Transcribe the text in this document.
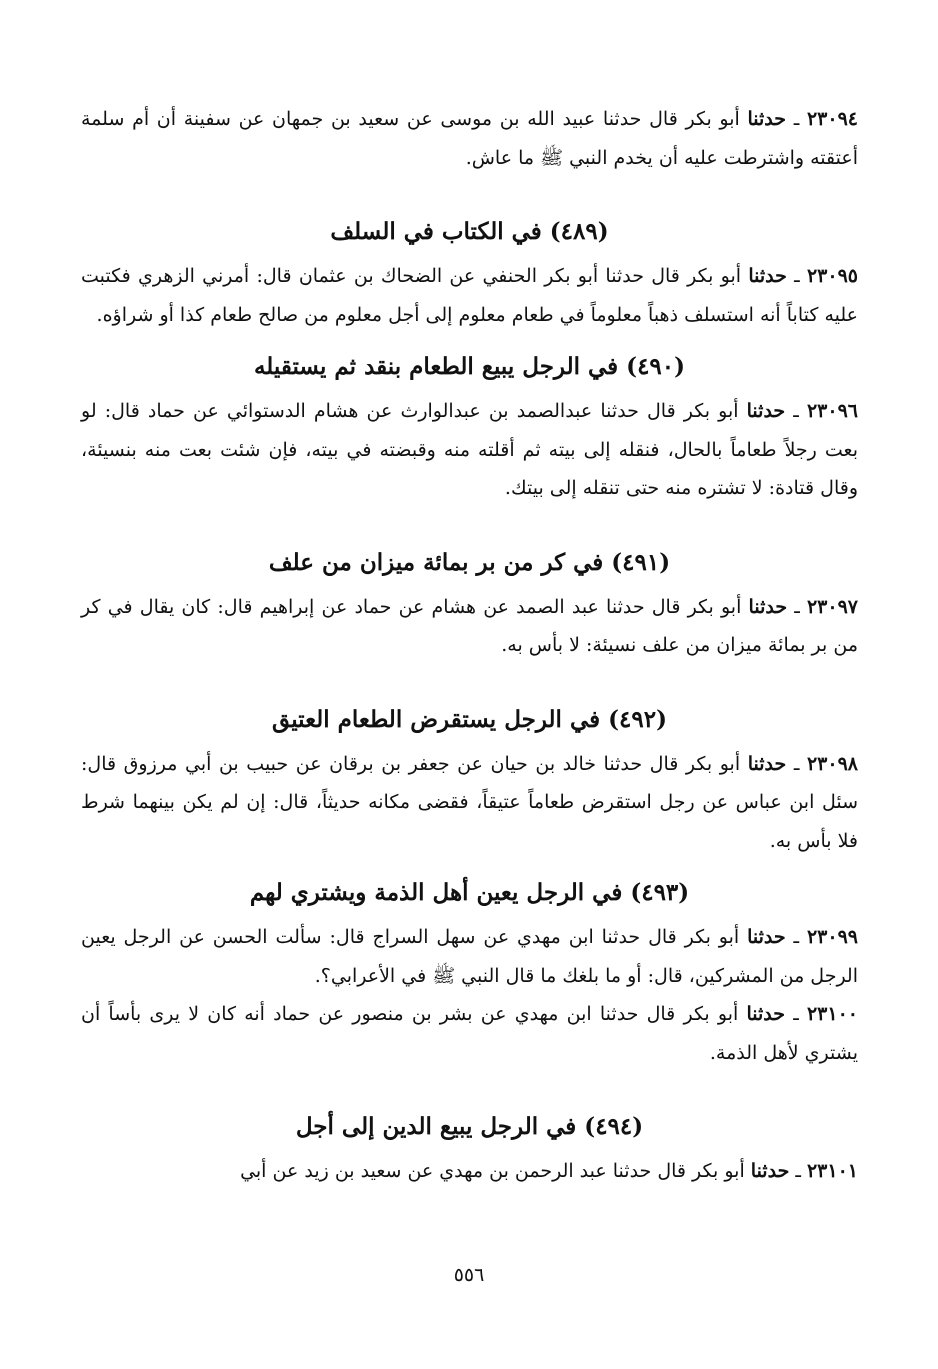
٢٣٠٩٤ ـ حدثنا أبو بكر قال حدثنا عبيد الله بن موسى عن سعيد بن جمهان عن سفينة أن أم سلمة أعتقته واشترطت عليه أن يخدم النبي ﷺ ما عاش.

(٤٨٩) في الكتاب في السلف

٢٣٠٩٥ ـ حدثنا أبو بكر قال حدثنا أبو بكر الحنفي عن الضحاك بن عثمان قال: أمرني الزهري فكتبت عليه كتاباً أنه استسلف ذهباً معلوماً في طعام معلوم إلى أجل معلوم من صالح طعام كذا أو شراؤه.

(٤٩٠) في الرجل يبيع الطعام بنقد ثم يستقيله

٢٣٠٩٦ ـ حدثنا أبو بكر قال حدثنا عبدالصمد بن عبدالوارث عن هشام الدستوائي عن حماد قال: لو بعت رجلاً طعاماً بالحال، فنقله إلى بيته ثم أقلته منه وقبضته في بيته، فإن شئت بعت منه بنسيئة، وقال قتادة: لا تشتره منه حتى تنقله إلى بيتك.

(٤٩١) في كر من بر بمائة ميزان من علف

٢٣٠٩٧ ـ حدثنا أبو بكر قال حدثنا عبد الصمد عن هشام عن حماد عن إبراهيم قال: كان يقال في كر من بر بمائة ميزان من علف نسيئة: لا بأس به.

(٤٩٢) في الرجل يستقرض الطعام العتيق

٢٣٠٩٨ ـ حدثنا أبو بكر قال حدثنا خالد بن حيان عن جعفر بن برقان عن حبيب بن أبي مرزوق قال: سئل ابن عباس عن رجل استقرض طعاماً عتيقاً، فقضى مكانه حديثاً، قال: إن لم يكن بينهما شرط فلا بأس به.

(٤٩٣) في الرجل يعين أهل الذمة ويشتري لهم

٢٣٠٩٩ ـ حدثنا أبو بكر قال حدثنا ابن مهدي عن سهل السراج قال: سألت الحسن عن الرجل يعين الرجل من المشركين، قال: أو ما بلغك ما قال النبي ﷺ في الأعرابي؟.

٢٣١٠٠ ـ حدثنا أبو بكر قال حدثنا ابن مهدي عن بشر بن منصور عن حماد أنه كان لا يرى بأساً أن يشتري لأهل الذمة.

(٤٩٤) في الرجل يبيع الدين إلى أجل

٢٣١٠١ ـ حدثنا أبو بكر قال حدثنا عبد الرحمن بن مهدي عن سعيد بن زيد عن أبي

٥٥٦
